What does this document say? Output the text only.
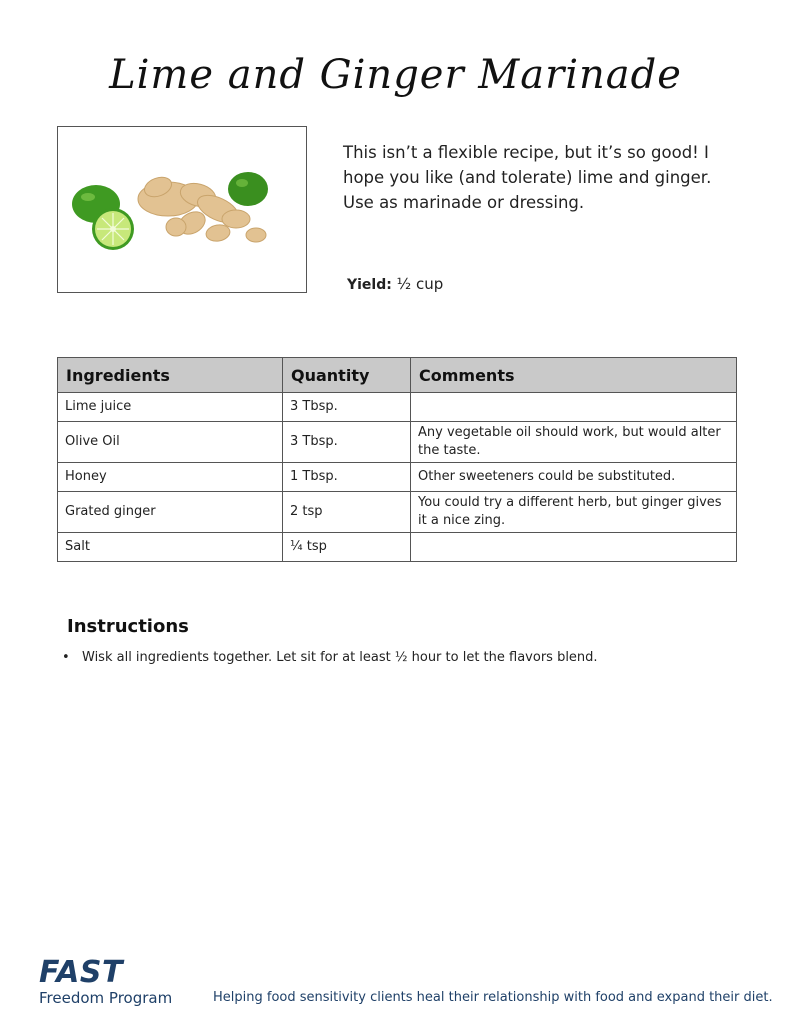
Lime and Ginger Marinade
This isn’t a flexible recipe, but it’s so good! I hope you like (and tolerate) lime and ginger. Use as marinade or dressing.
Yield: ½ cup
Ingredients	Quantity	Comments
Lime juice	3 Tbsp.	
Olive Oil	3 Tbsp.	Any vegetable oil should work, but would alter the taste.
Honey	1 Tbsp.	Other sweeteners could be substituted.
Grated ginger	2 tsp	You could try a different herb, but ginger gives it a nice zing.
Salt	¼ tsp	
Instructions
• Wisk all ingredients together. Let sit for at least ½ hour to let the flavors blend.
FAST
Freedom Program	Helping food sensitivity clients heal their relationship with food and expand their diet.
